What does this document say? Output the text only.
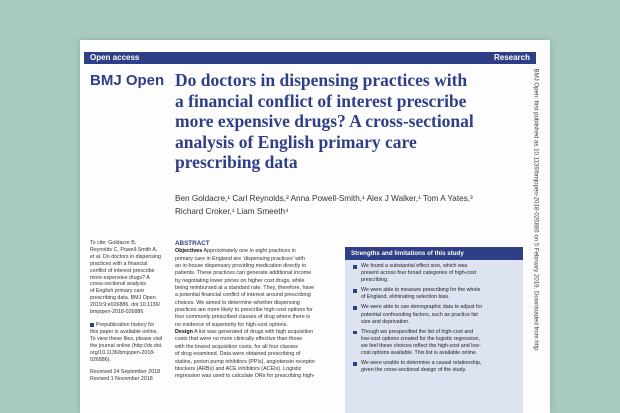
Open access	Research
BMJ Open Do doctors in dispensing practices with
a financial conflict of interest prescribe
more expensive drugs? A cross-sectional
analysis of English primary care
prescribing data
Ben Goldacre,¹ Carl Reynolds,² Anna Powell-Smith,¹ Alex J Walker,¹ Tom A Yates,³
Richard Croker,¹ Liam Smeeth⁴
To cite: Goldacre B,
Reynolds C, Powell-Smith A,
et al. Do doctors in dispensing
practices with a financial
conflict of interest prescribe
more expensive drugs? A
cross-sectional analysis
of English primary care
prescribing data. BMJ Open
2019;9:e026886. doi:10.1136/
bmjopen-2018-026886
Prepublication history for
this paper is available online.
To view these files, please visit
the journal online (http://dx.doi.
org/10.1136/bmjopen-2018-
026886).
Received 24 September 2018
Revised 1 November 2018
ABSTRACT
Objectives Approximately one in eight practices in
primary care in England are ‘dispensing practices’ with
an in-house dispensary providing medication directly to
patients. These practices can generate additional income
by negotiating lower prices on higher cost drugs, while
being reimbursed at a standard rate. They, therefore, have
a potential financial conflict of interest around prescribing
choices. We aimed to determine whether dispensing
practices are more likely to prescribe high-cost options for
four commonly prescribed classes of drug where there is
no evidence of superiority for high-cost options.
Design A list was generated of drugs with high acquisition
costs that were no more clinically effective than those
with the lowest acquisition costs, for all four classes
of drug examined. Data were obtained prescribing of
statins, proton pump inhibitors (PPIs), angiotensin receptor
blockers (ARBs) and ACE inhibitors (ACEIs). Logistic
regression was used to calculate ORs for prescribing high-
Strengths and limitations of this study
We found a substantial effect size, which was
present across four broad categories of high-cost
prescribing.
We were able to measure prescribing for the whole
of England, eliminating selection bias.
We were able to use demographic data to adjust for
potential confounding factors, such as practice list
size and deprivation.
Though we prespecified the list of high-cost and
low-cost options created for the logistic regression,
we feel these choices reflect the high-cost and low-
cost options available. This list is available online.
We were unable to determine a causal relationship,
given the cross-sectional design of the study.
BMJ Open: first published as 10.1136/bmjopen-2018-026886 on 5 February 2019. Downloaded from http
